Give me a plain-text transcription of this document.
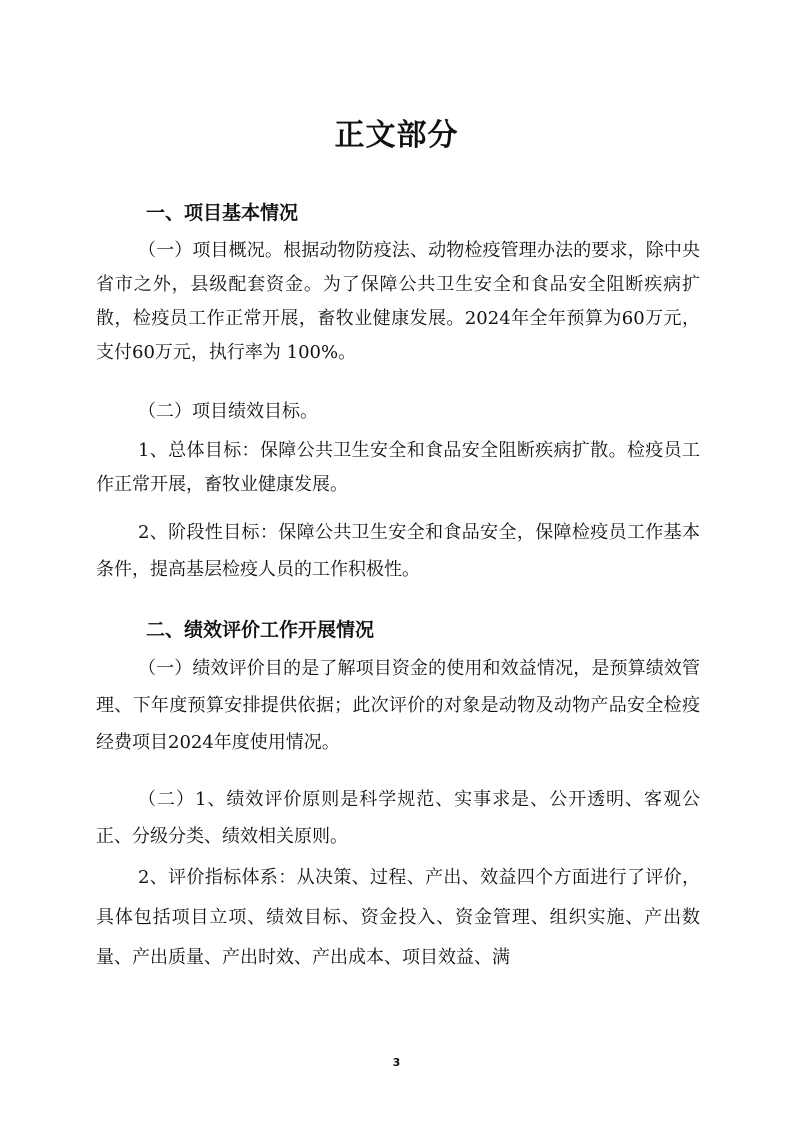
正文部分
一、项目基本情况

（一）项目概况。根据动物防疫法、动物检疫管理办法的要求，除中央省市之外，县级配套资金。为了保障公共卫生安全和食品安全阻断疾病扩散，检疫员工作正常开展，畜牧业健康发展。2024年全年预算为60万元，支付60万元，执行率为 100%。

（二）项目绩效目标。

1、总体目标：保障公共卫生安全和食品安全阻断疾病扩散。检疫员工作正常开展，畜牧业健康发展。

2、阶段性目标：保障公共卫生安全和食品安全，保障检疫员工作基本条件，提高基层检疫人员的工作积极性。

二、绩效评价工作开展情况

（一）绩效评价目的是了解项目资金的使用和效益情况，是预算绩效管理、下年度预算安排提供依据；此次评价的对象是动物及动物产品安全检疫经费项目2024年度使用情况。

（二）1、绩效评价原则是科学规范、实事求是、公开透明、客观公正、分级分类、绩效相关原则。

2、评价指标体系：从决策、过程、产出、效益四个方面进行了评价，具体包括项目立项、绩效目标、资金投入、资金管理、组织实施、产出数量、产出质量、产出时效、产出成本、项目效益、满

3
